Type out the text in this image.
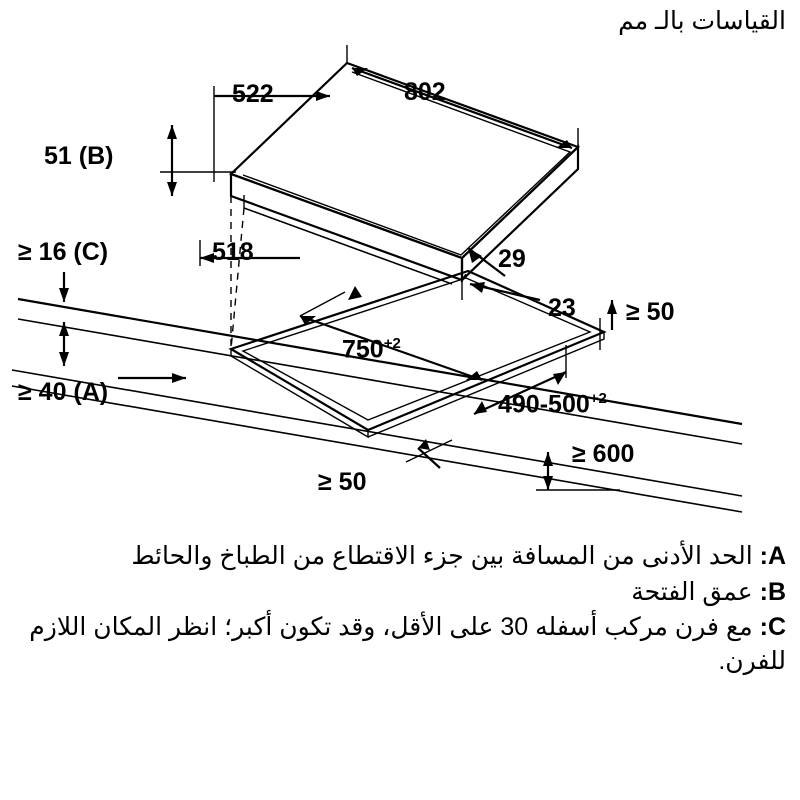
القياسات بالـ مم
802
522
51 (B)
≥ 16 (C)	518	29
23 ≥ 50
≥ 40 (A)
$750^{+2}$
$490-500^{+2}$
≥ 600
≥ 50
A: الحد الأدنى من المسافة بين جزء الاقتطاع من الطباخ والحائط
B: عمق الفتحة
C: مع فرن مركب أسفله 30 على الأقل، وقد تكون أكبر؛ انظر المكان اللازم للفرن.
